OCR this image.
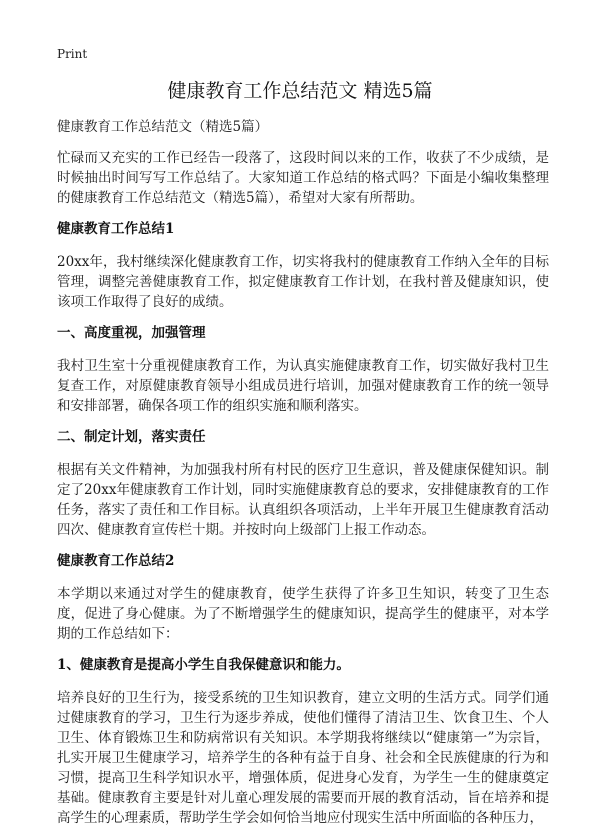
Print
健康教育工作总结范文 精选5篇
健康教育工作总结范文（精选5篇）

忙碌而又充实的工作已经告一段落了，这段时间以来的工作，收获了不少成绩，是时候抽出时间写写工作总结了。大家知道工作总结的格式吗？下面是小编收集整理的健康教育工作总结范文（精选5篇），希望对大家有所帮助。

健康教育工作总结1

20xx年，我村继续深化健康教育工作，切实将我村的健康教育工作纳入全年的目标管理，调整完善健康教育工作，拟定健康教育工作计划，在我村普及健康知识，使该项工作取得了良好的成绩。

一、高度重视，加强管理

我村卫生室十分重视健康教育工作，为认真实施健康教育工作，切实做好我村卫生复查工作，对原健康教育领导小组成员进行培训，加强对健康教育工作的统一领导和安排部署，确保各项工作的组织实施和顺利落实。

二、制定计划，落实责任

根据有关文件精神，为加强我村所有村民的医疗卫生意识，普及健康保健知识。制定了20xx年健康教育工作计划，同时实施健康教育总的要求，安排健康教育的工作任务，落实了责任和工作目标。认真组织各项活动，上半年开展卫生健康教育活动四次、健康教育宣传栏十期。并按时向上级部门上报工作动态。

健康教育工作总结2

本学期以来通过对学生的健康教育，使学生获得了许多卫生知识，转变了卫生态度，促进了身心健康。为了不断增强学生的健康知识，提高学生的健康平，对本学期的工作总结如下：

1、健康教育是提高小学生自我保健意识和能力。

培养良好的卫生行为，接受系统的卫生知识教育，建立文明的生活方式。同学们通过健康教育的学习，卫生行为逐步养成，使他们懂得了清洁卫生、饮食卫生、个人卫生、体育锻炼卫生和防病常识有关知识。本学期我将继续以“健康第一”为宗旨，扎实开展卫生健康学习，培养学生的各种有益于自身、社会和全民族健康的行为和习惯，提高卫生科学知识水平，增强体质，促进身心发育，为学生一生的健康奠定基础。健康教育主要是针对儿童心理发展的需要而开展的教育活动，旨在培养和提高学生的心理素质，帮助学生学会如何恰当地应付现实生活中所面临的各种压力，
